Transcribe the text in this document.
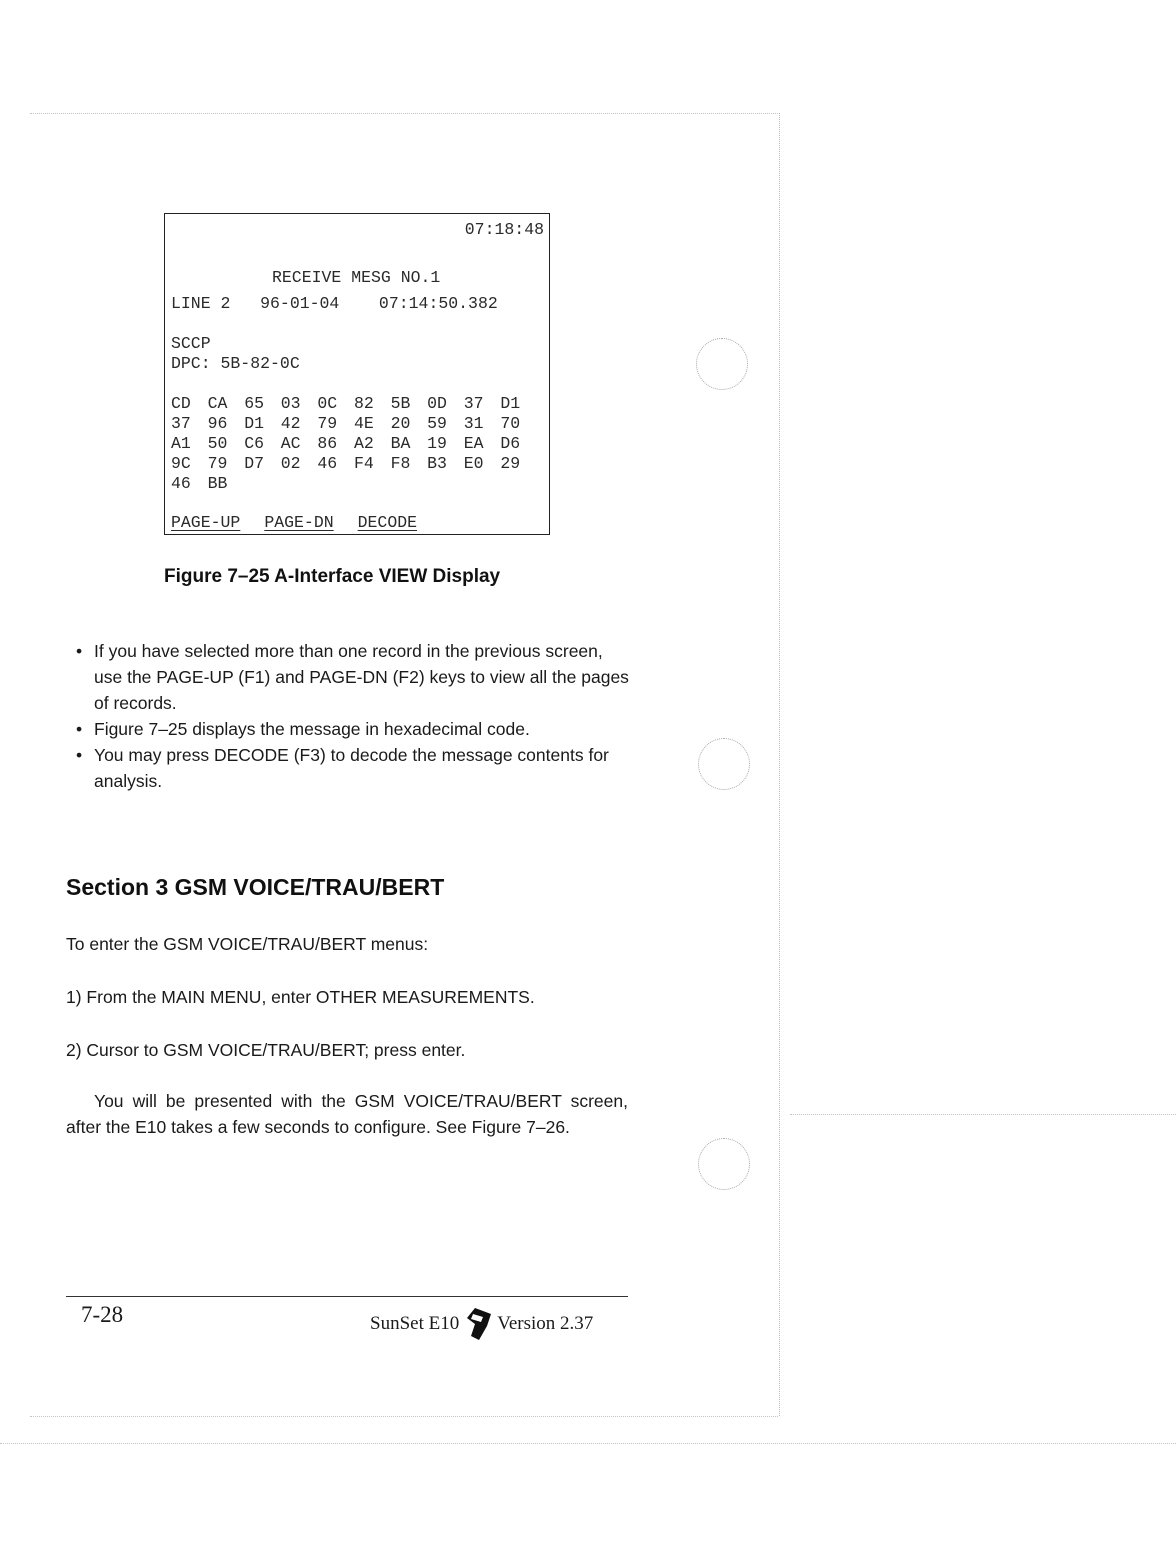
07:18:48
RECEIVE MESG NO.1
LINE 2   96-01-04    07:14:50.382
SCCP
DPC: 5B-82-0C
CD	CA	65	03	0C	82	5B	0D	37	D1
37	96	D1	42	79	4E	20	59	31	70
A1	50	C6	AC	86	A2	BA	19	EA	D6
9C	79	D7	02	46	F4	F8	B3	E0	29
46	BB
PAGE-UP PAGE-DN DECODE
Figure 7–25 A-Interface VIEW Display
• If you have selected more than one record in the previous screen, use the PAGE-UP (F1) and PAGE-DN (F2) keys to view all the pages of records.
• Figure 7–25 displays the message in hexadecimal code.
• You may press DECODE (F3) to decode the message contents for analysis.
Section 3 GSM VOICE/TRAU/BERT
To enter the GSM VOICE/TRAU/BERT menus:
1) From the MAIN MENU, enter OTHER MEASUREMENTS.
2) Cursor to GSM VOICE/TRAU/BERT; press enter.
You will be presented with the GSM VOICE/TRAU/BERT screen, after the E10 takes a few seconds to configure. See Figure 7–26.
7-28	SunSet E10 Version 2.37
